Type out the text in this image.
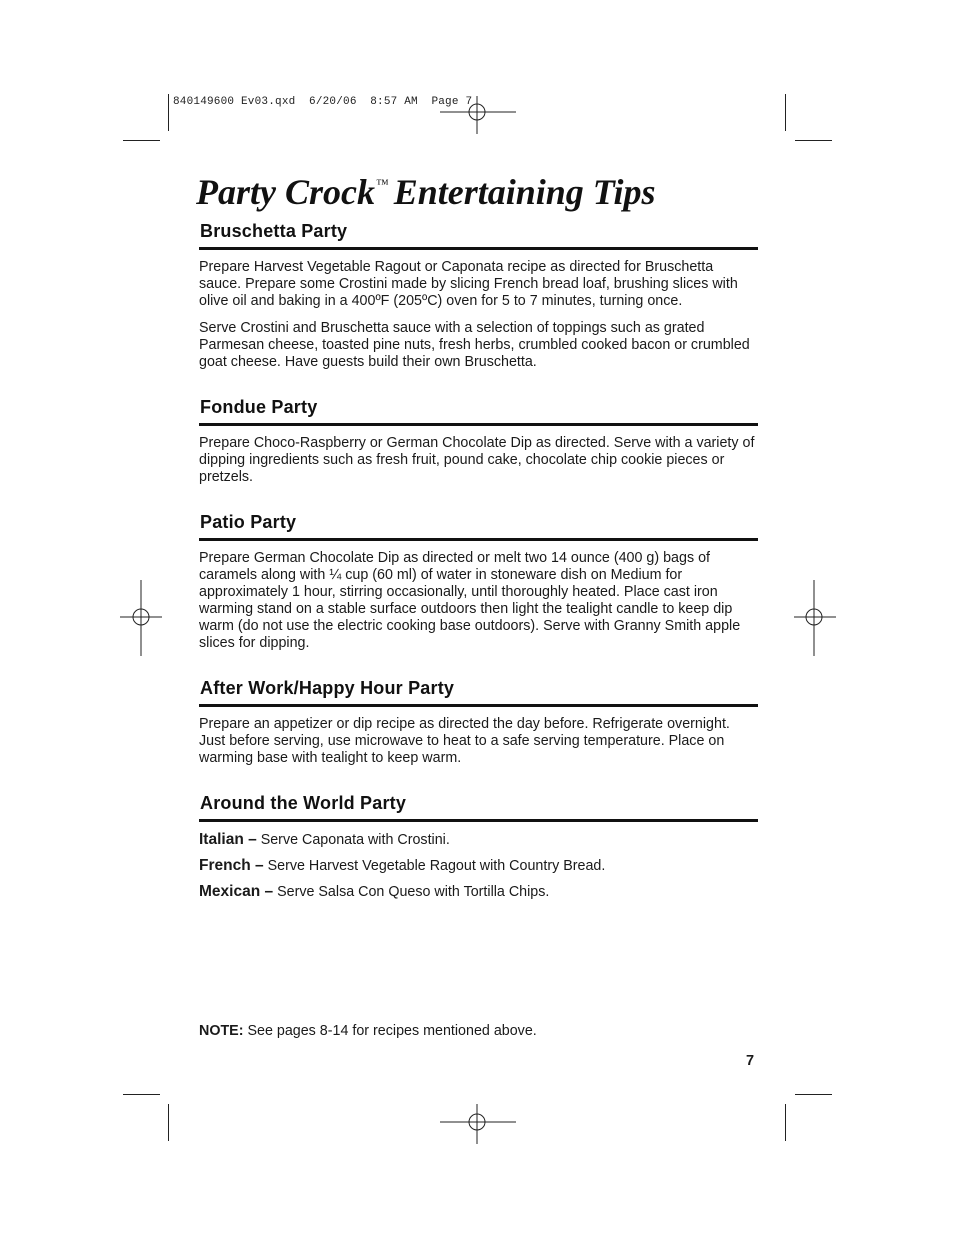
840149600 Ev03.qxd  6/20/06  8:57 AM  Page 7
Party Crock™ Entertaining Tips
Bruschetta Party

Prepare Harvest Vegetable Ragout or Caponata recipe as directed for Bruschetta sauce. Prepare some Crostini made by slicing French bread loaf, brushing slices with olive oil and baking in a 400ºF (205ºC) oven for 5 to 7 minutes, turning once.

Serve Crostini and Bruschetta sauce with a selection of toppings such as grated Parmesan cheese, toasted pine nuts, fresh herbs, crumbled cooked bacon or crumbled goat cheese. Have guests build their own Bruschetta.

Fondue Party

Prepare Choco-Raspberry or German Chocolate Dip as directed. Serve with a variety of dipping ingredients such as fresh fruit, pound cake, chocolate chip cookie pieces or pretzels.

Patio Party

Prepare German Chocolate Dip as directed or melt two 14 ounce (400 g) bags of caramels along with ¼ cup (60 ml) of water in stoneware dish on Medium for approximately 1 hour, stirring occasionally, until thoroughly heated. Place cast iron warming stand on a stable surface outdoors then light the tealight candle to keep dip warm (do not use the electric cooking base outdoors). Serve with Granny Smith apple slices for dipping.

After Work/Happy Hour Party

Prepare an appetizer or dip recipe as directed the day before. Refrigerate overnight. Just before serving, use microwave to heat to a safe serving temperature. Place on warming base with tealight to keep warm.

Around the World Party

Italian – Serve Caponata with Crostini.

French – Serve Harvest Vegetable Ragout with Country Bread.

Mexican – Serve Salsa Con Queso with Tortilla Chips.

NOTE: See pages 8-14 for recipes mentioned above.
7
